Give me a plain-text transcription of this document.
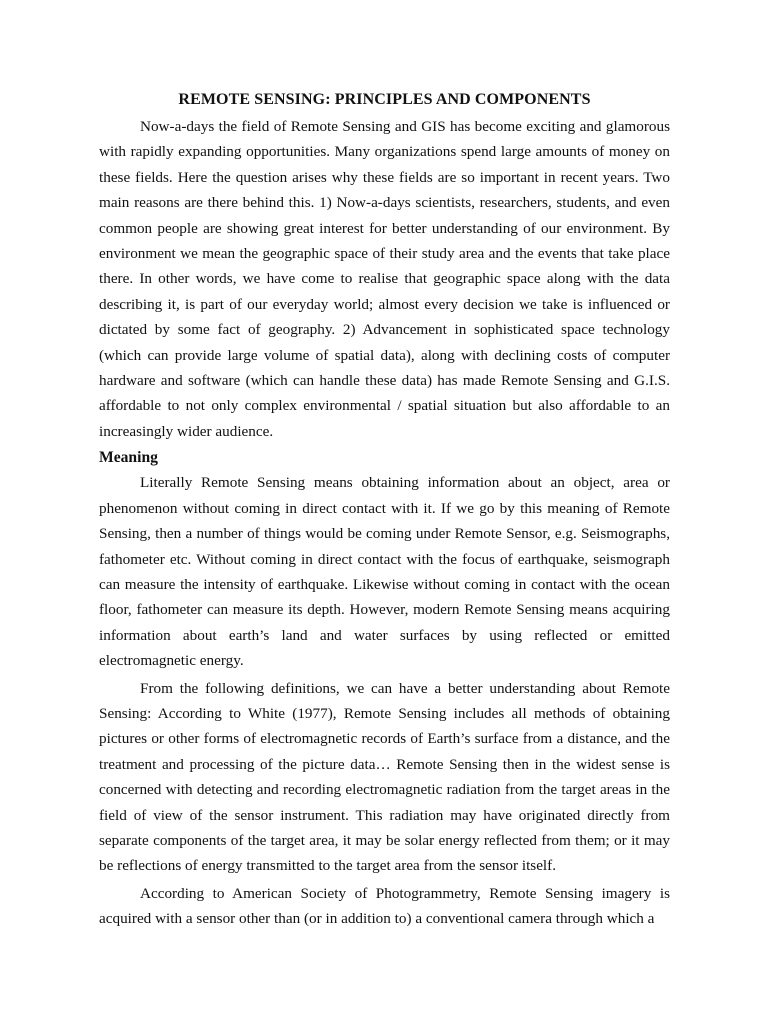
REMOTE SENSING: PRINCIPLES AND COMPONENTS

Now-a-days the field of Remote Sensing and GIS has become exciting and glamorous with rapidly expanding opportunities. Many organizations spend large amounts of money on these fields. Here the question arises why these fields are so important in recent years. Two main reasons are there behind this. 1) Now-a-days scientists, researchers, students, and even common people are showing great interest for better understanding of our environment. By environment we mean the geographic space of their study area and the events that take place there. In other words, we have come to realise that geographic space along with the data describing it, is part of our everyday world; almost every decision we take is influenced or dictated by some fact of geography. 2) Advancement in sophisticated space technology (which can provide large volume of spatial data), along with declining costs of computer hardware and software (which can handle these data) has made Remote Sensing and G.I.S. affordable to not only complex environmental / spatial situation but also affordable to an increasingly wider audience.

Meaning

Literally Remote Sensing means obtaining information about an object, area or phenomenon without coming in direct contact with it. If we go by this meaning of Remote Sensing, then a number of things would be coming under Remote Sensor, e.g. Seismographs, fathometer etc. Without coming in direct contact with the focus of earthquake, seismograph can measure the intensity of earthquake. Likewise without coming in contact with the ocean floor, fathometer can measure its depth. However, modern Remote Sensing means acquiring information about earth’s land and water surfaces by using reflected or emitted electromagnetic energy.

From the following definitions, we can have a better understanding about Remote Sensing: According to White (1977), Remote Sensing includes all methods of obtaining pictures or other forms of electromagnetic records of Earth’s surface from a distance, and the treatment and processing of the picture data… Remote Sensing then in the widest sense is concerned with detecting and recording electromagnetic radiation from the target areas in the field of view of the sensor instrument. This radiation may have originated directly from separate components of the target area, it may be solar energy reflected from them; or it may be reflections of energy transmitted to the target area from the sensor itself.

According to American Society of Photogrammetry, Remote Sensing imagery is acquired with a sensor other than (or in addition to) a conventional camera through which a
